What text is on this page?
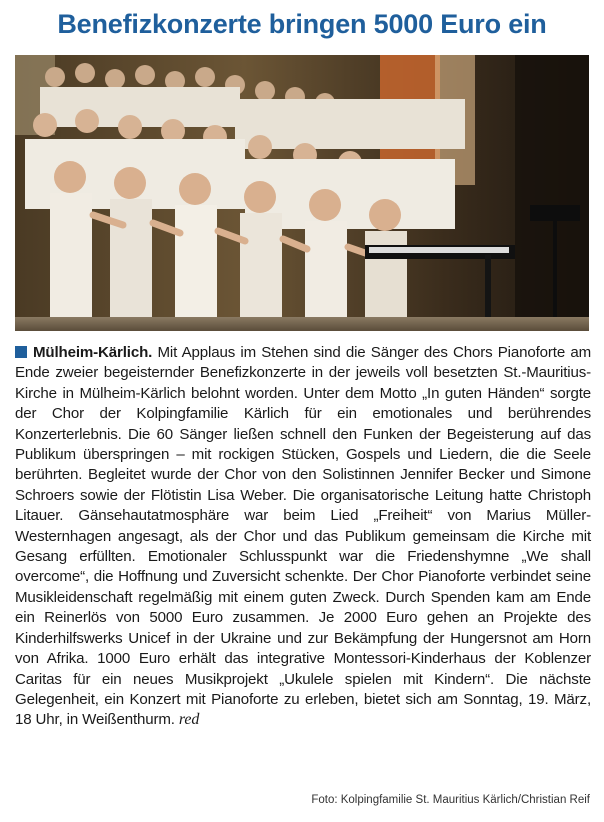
Benefizkonzerte bringen 5000 Euro ein
Mülheim-Kärlich. Mit Applaus im Stehen sind die Sänger des Chors Pianoforte am Ende zweier begeisternder Benefizkonzerte in der jeweils voll besetzten St.-Mauritius-Kirche in Mülheim-Kärlich belohnt worden. Unter dem Motto „In guten Händen“ sorgte der Chor der Kolpingfamilie Kärlich für ein emotionales und berührendes Konzerterlebnis. Die 60 Sänger ließen schnell den Funken der Begeisterung auf das Publikum überspringen – mit rockigen Stücken, Gospels und Liedern, die die Seele berührten. Begleitet wurde der Chor von den Solistinnen Jennifer Becker und Simone Schroers sowie der Flötistin Lisa Weber. Die organisatorische Leitung hatte Christoph Litauer. Gänsehautatmosphäre war beim Lied „Freiheit“ von Marius Müller-Westernhagen angesagt, als der Chor und das Publikum gemeinsam die Kirche mit Gesang erfüllten. Emotionaler Schlusspunkt war die Friedenshymne „We shall overcome“, die Hoffnung und Zuversicht schenkte. Der Chor Pianoforte verbindet seine Musikleidenschaft regelmäßig mit einem guten Zweck. Durch Spenden kam am Ende ein Reinerlös von 5000 Euro zusammen. Je 2000 Euro gehen an Projekte des Kinderhilfswerks Unicef in der Ukraine und zur Bekämpfung der Hungersnot am Horn von Afrika. 1000 Euro erhält das integrative Montessori-Kinderhaus der Koblenzer Caritas für ein neues Musikprojekt „Ukulele spielen mit Kindern“. Die nächste Gelegenheit, ein Konzert mit Pianoforte zu erleben, bietet sich am Sonntag, 19. März, 18 Uhr, in Weißenthurm. red
Foto: Kolpingfamilie St. Mauritius Kärlich/Christian Reif
